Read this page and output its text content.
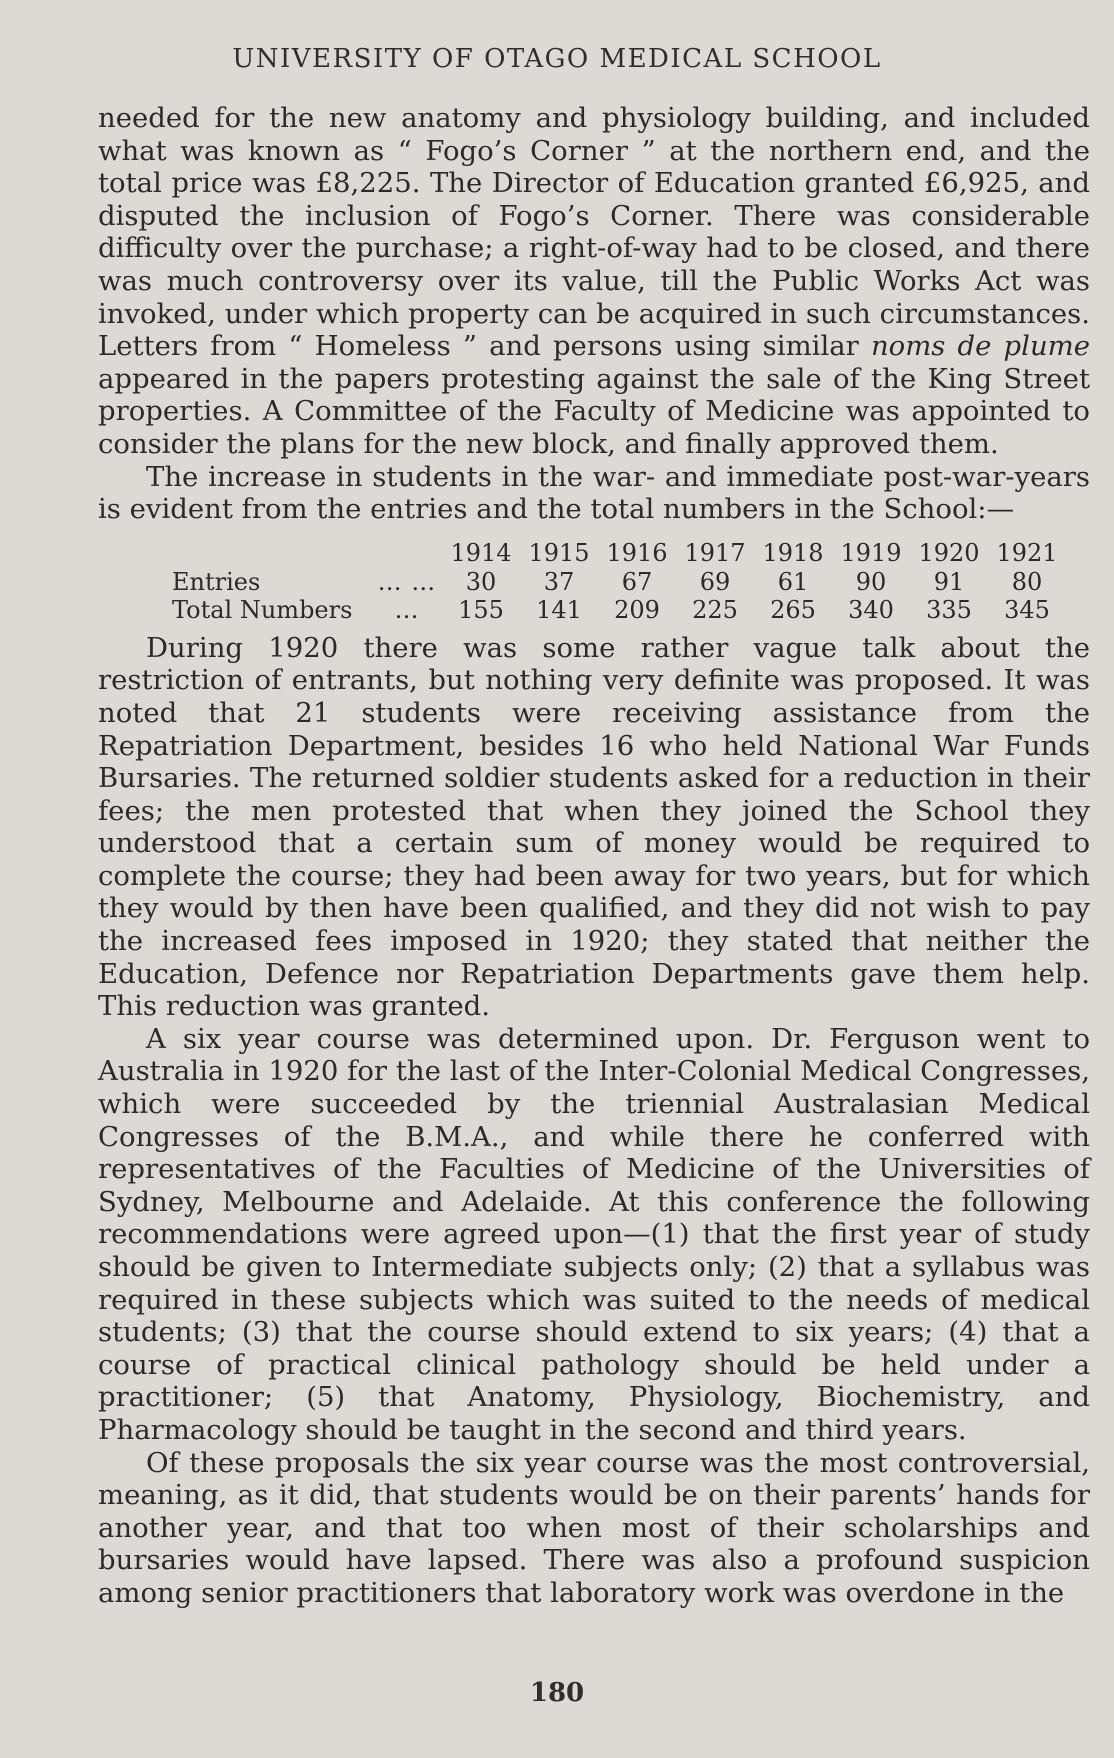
UNIVERSITY OF OTAGO MEDICAL SCHOOL

needed for the new anatomy and physiology building, and included what was known as “ Fogo’s Corner ” at the northern end, and the total price was £8,225. The Director of Education granted £6,925, and disputed the inclusion of Fogo’s Corner. There was considerable difficulty over the purchase; a right-of-way had to be closed, and there was much controversy over its value, till the Public Works Act was invoked, under which property can be acquired in such circumstances. Letters from “ Homeless ” and persons using similar noms de plume appeared in the papers protesting against the sale of the King Street properties. A Committee of the Faculty of Medicine was appointed to consider the plans for the new block, and finally approved them.

The increase in students in the war- and immediate post-war-years is evident from the entries and the total numbers in the School:—

		1914	1915	1916	1917	1918	1919	1920	1921
Entries	… …	30	37	67	69	61	90	91	80
Total Numbers	…	155	141	209	225	265	340	335	345

During 1920 there was some rather vague talk about the restriction of entrants, but nothing very definite was proposed. It was noted that 21 students were receiving assistance from the Repatriation Department, besides 16 who held National War Funds Bursaries. The returned soldier students asked for a reduction in their fees; the men protested that when they joined the School they understood that a certain sum of money would be required to complete the course; they had been away for two years, but for which they would by then have been qualified, and they did not wish to pay the increased fees imposed in 1920; they stated that neither the Education, Defence nor Repatriation Departments gave them help. This reduction was granted.

A six year course was determined upon. Dr. Ferguson went to Australia in 1920 for the last of the Inter-Colonial Medical Congresses, which were succeeded by the triennial Australasian Medical Congresses of the B.M.A., and while there he conferred with representatives of the Faculties of Medicine of the Universities of Sydney, Melbourne and Adelaide. At this conference the following recommendations were agreed upon—(1) that the first year of study should be given to Intermediate subjects only; (2) that a syllabus was required in these subjects which was suited to the needs of medical students; (3) that the course should extend to six years; (4) that a course of practical clinical pathology should be held under a practitioner; (5) that Anatomy, Physiology, Biochemistry, and Pharmacology should be taught in the second and third years.

Of these proposals the six year course was the most controversial, meaning, as it did, that students would be on their parents’ hands for another year, and that too when most of their scholarships and bursaries would have lapsed. There was also a profound suspicion among senior practitioners that laboratory work was overdone in the

180
